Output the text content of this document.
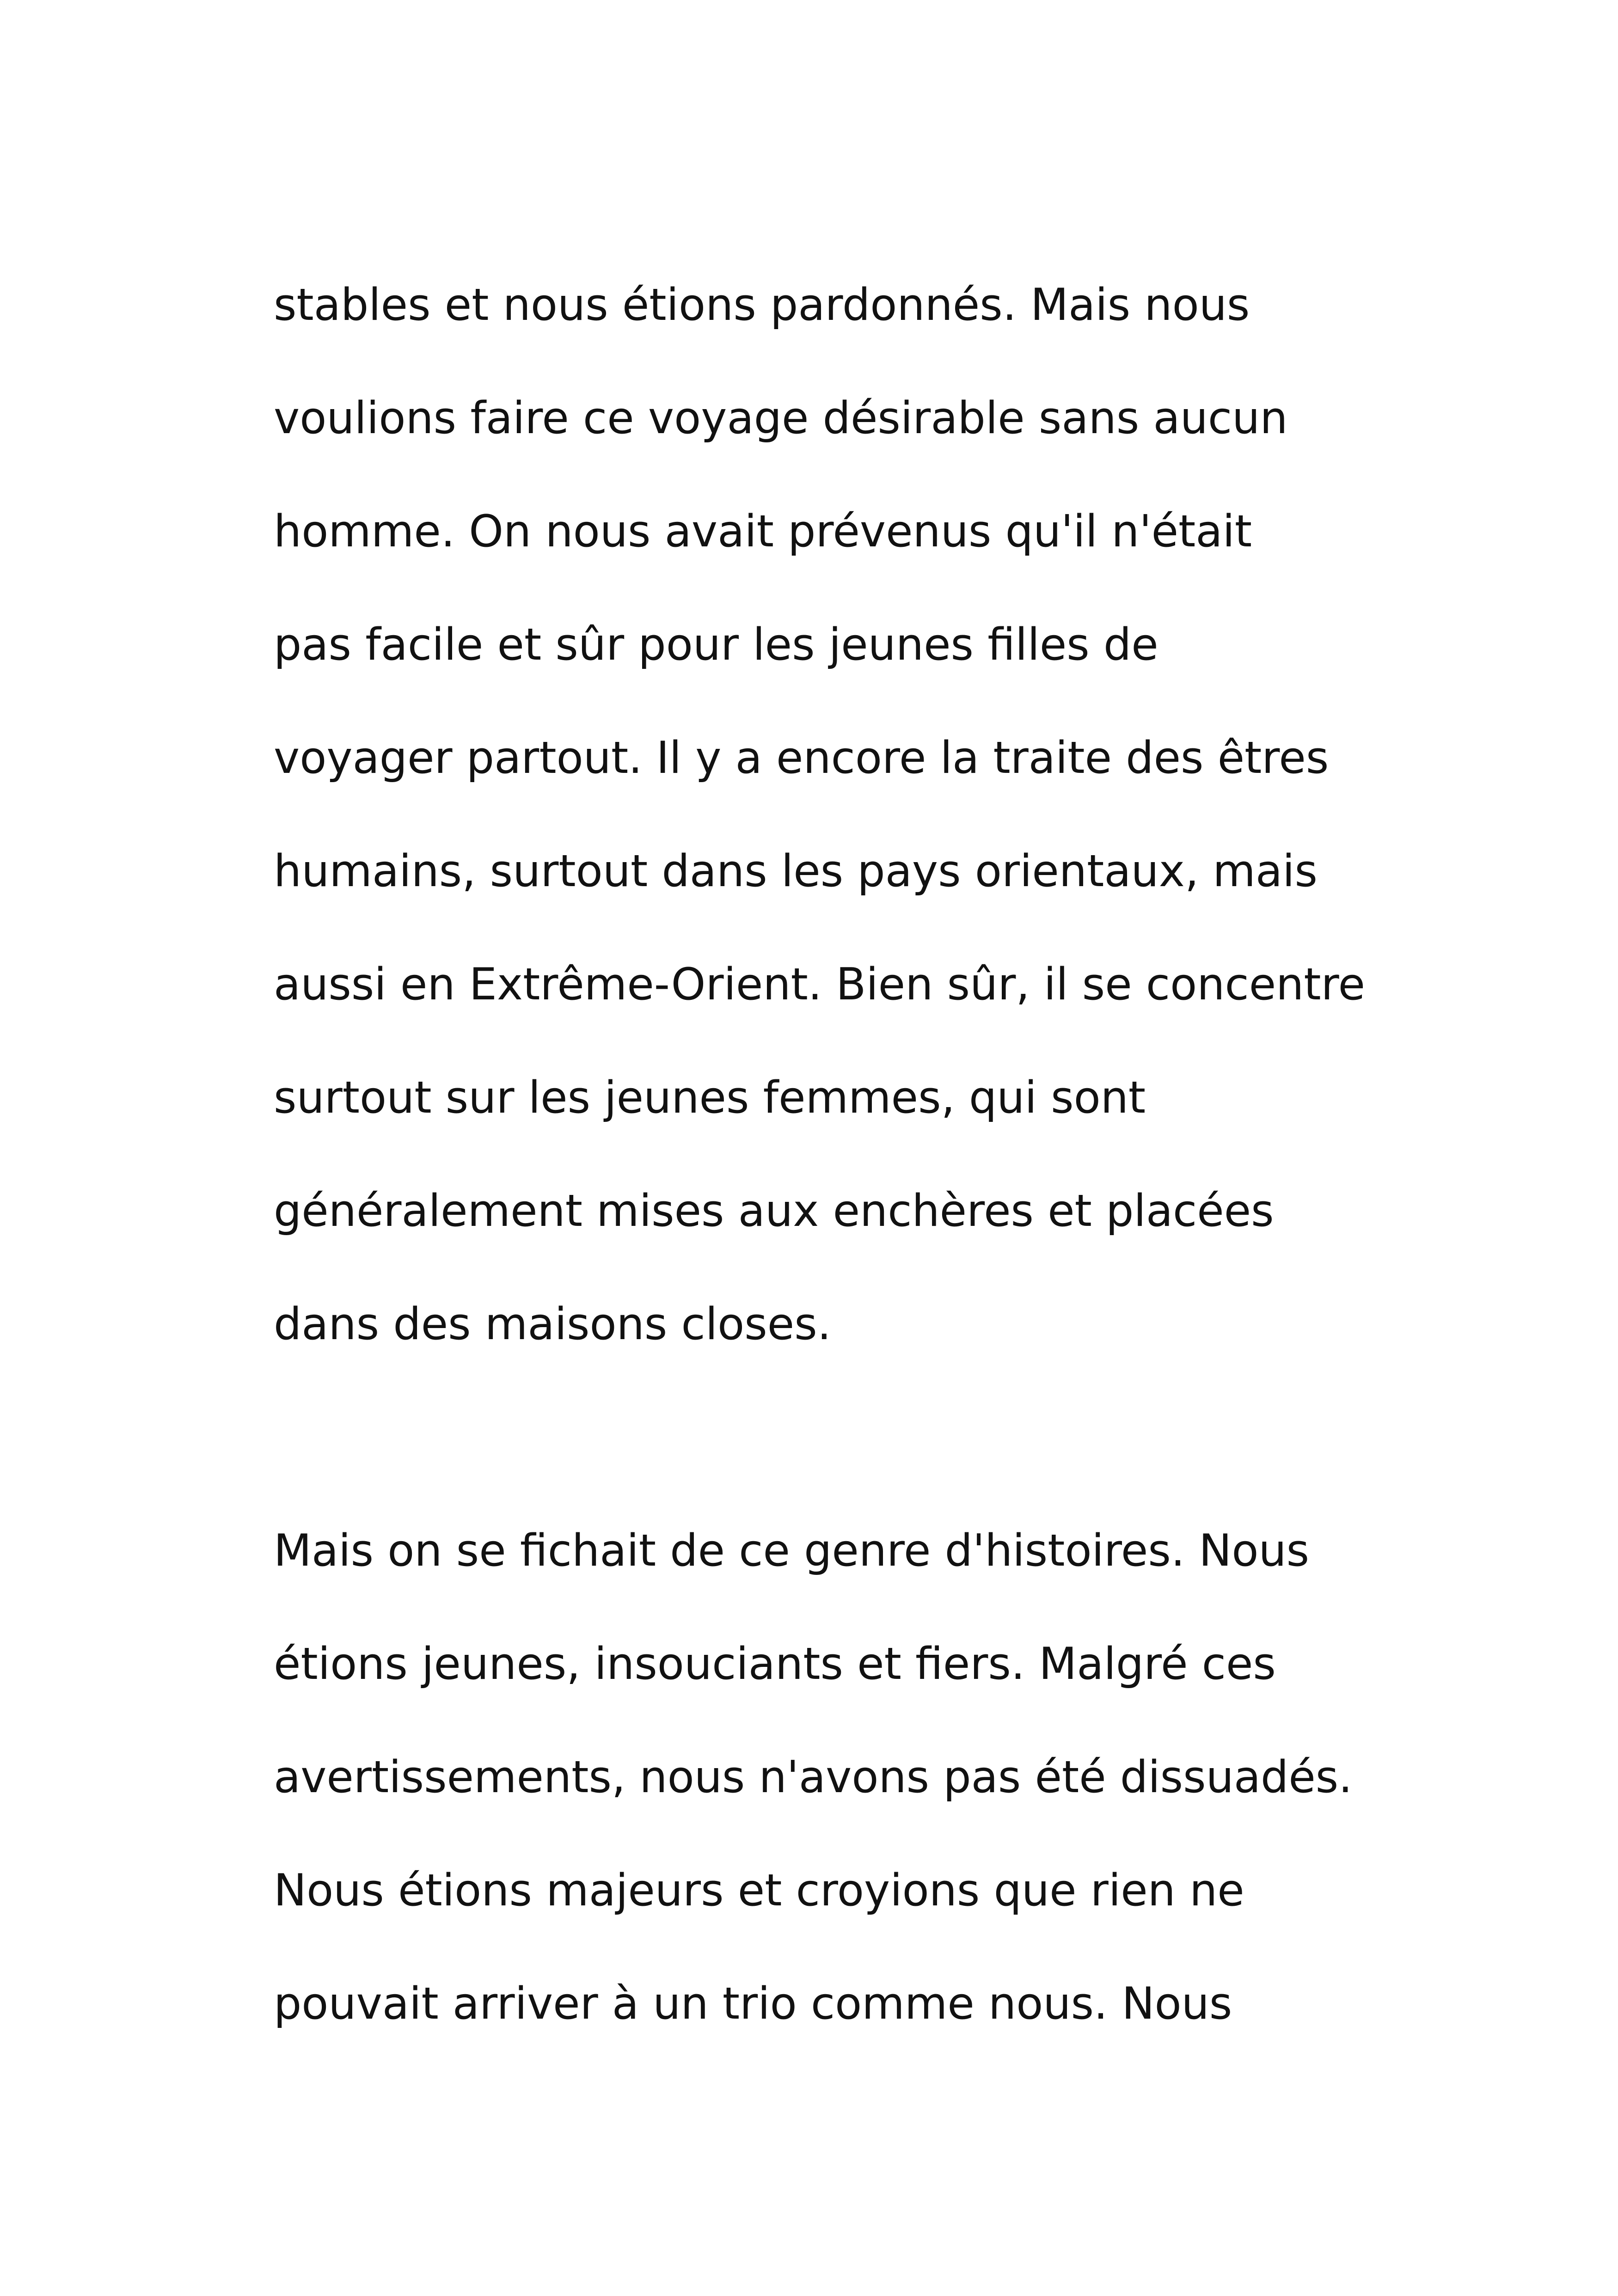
stables et nous étions pardonnés. Mais nous
voulions faire ce voyage désirable sans aucun
homme. On nous avait prévenus qu'il n'était
pas facile et sûr pour les jeunes filles de
voyager partout. Il y a encore la traite des êtres
humains, surtout dans les pays orientaux, mais
aussi en Extrême-Orient. Bien sûr, il se concentre
surtout sur les jeunes femmes, qui sont
généralement mises aux enchères et placées
dans des maisons closes.
Mais on se fichait de ce genre d'histoires. Nous
étions jeunes, insouciants et fiers. Malgré ces
avertissements, nous n'avons pas été dissuadés.
Nous étions majeurs et croyions que rien ne
pouvait arriver à un trio comme nous. Nous
